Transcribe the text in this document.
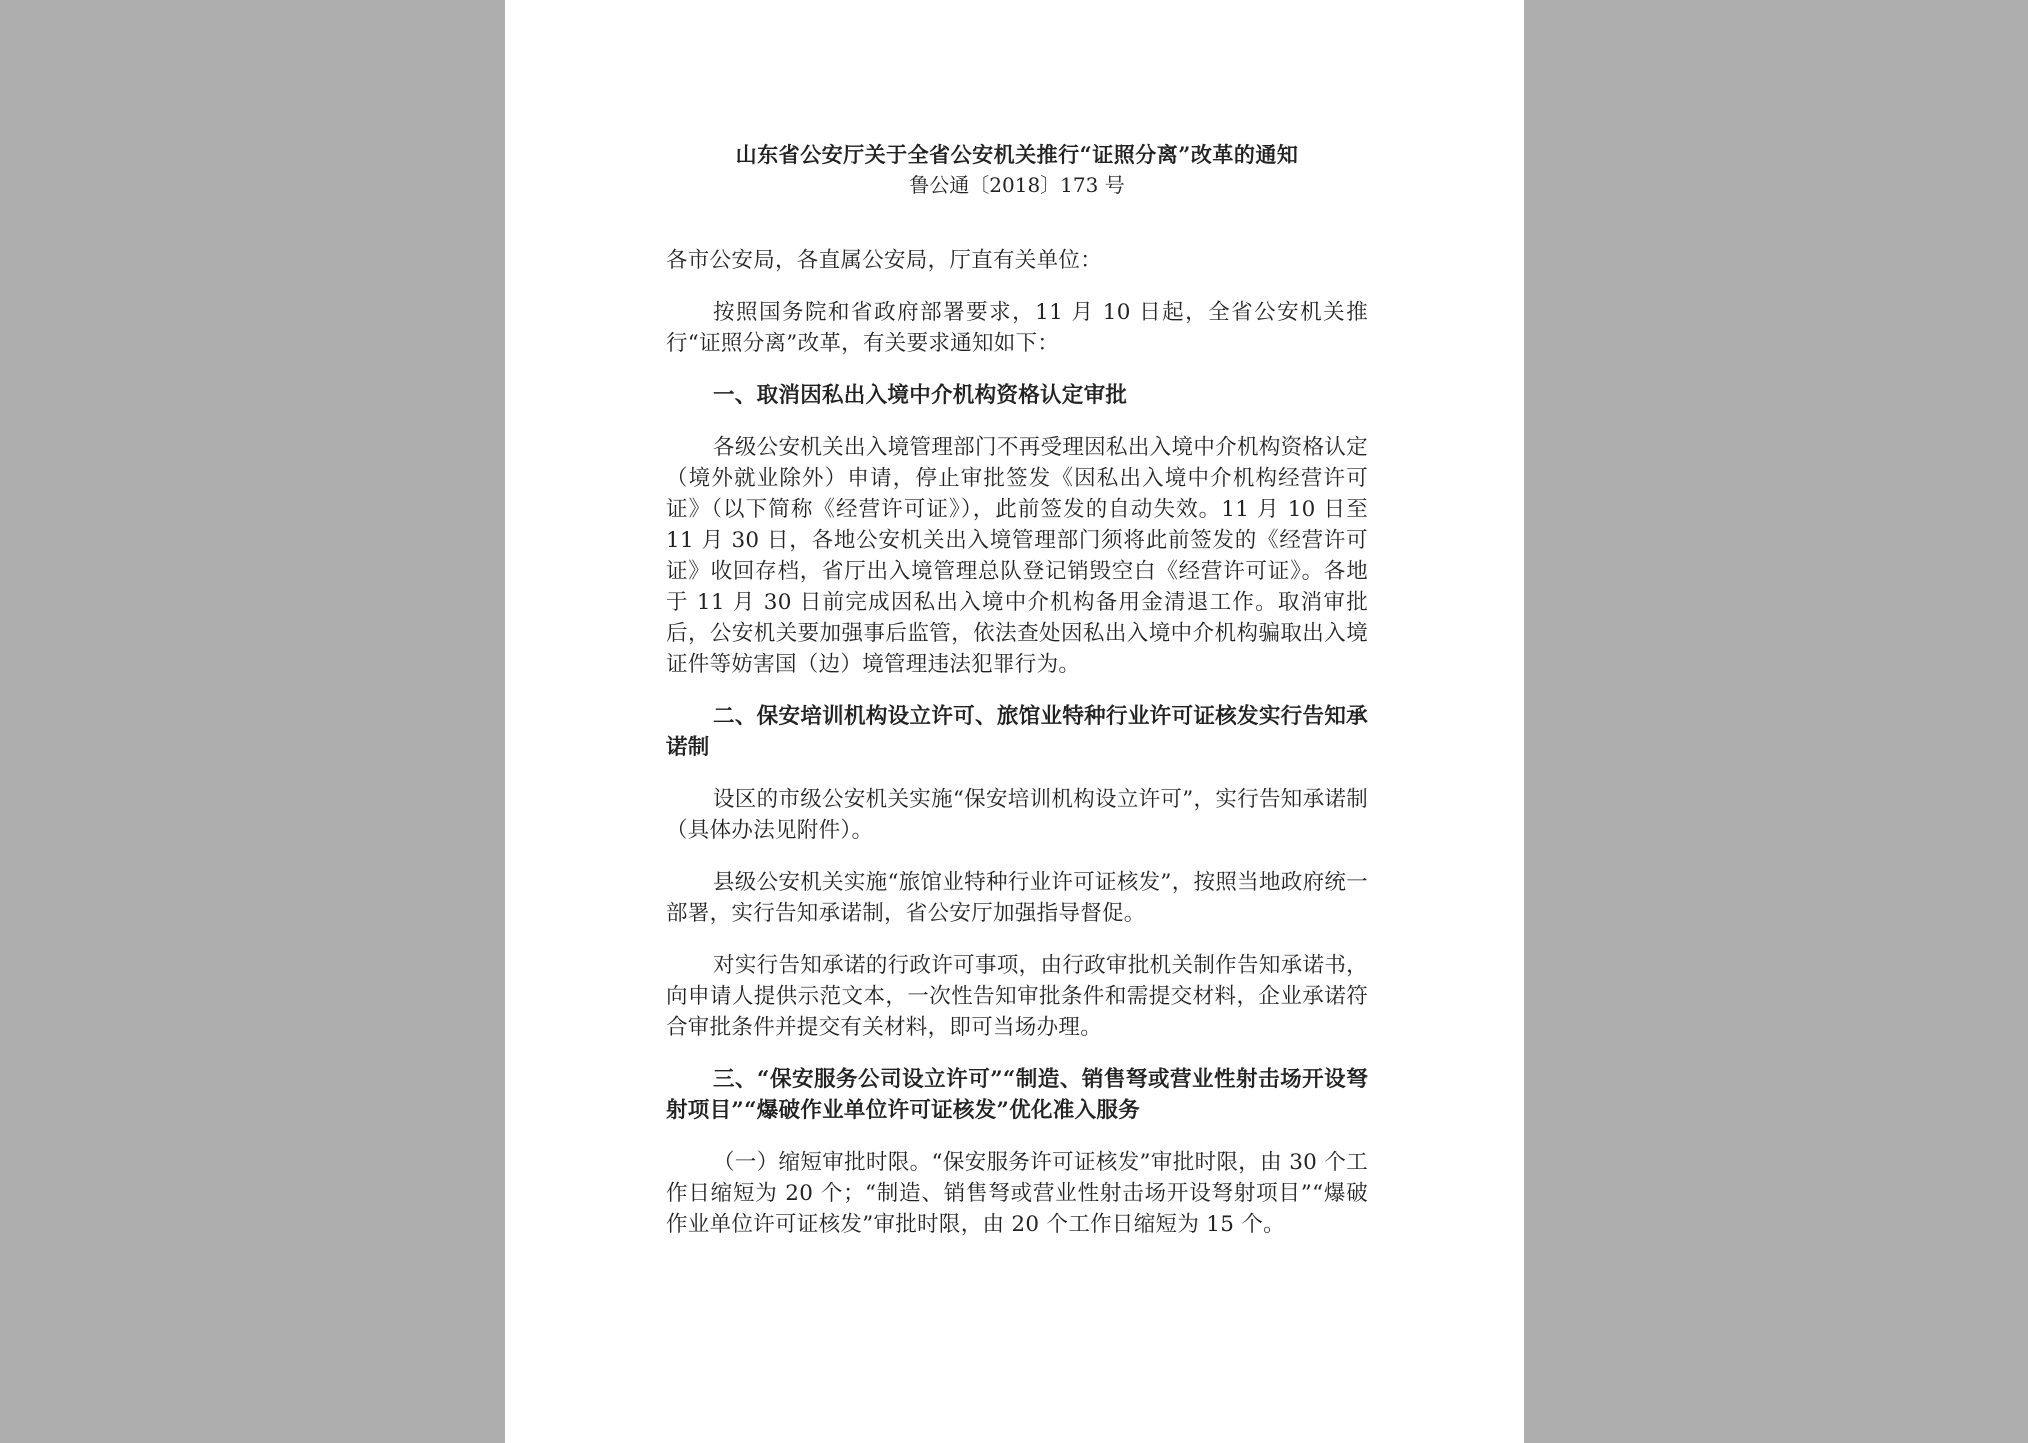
山东省公安厅关于全省公安机关推行“证照分离”改革的通知

鲁公通〔2018〕173 号

各市公安局，各直属公安局，厅直有关单位：

按照国务院和省政府部署要求，11 月 10 日起，全省公安机关推行“证照分离”改革，有关要求通知如下：

一、取消因私出入境中介机构资格认定审批

各级公安机关出入境管理部门不再受理因私出入境中介机构资格认定（境外就业除外）申请，停止审批签发《因私出入境中介机构经营许可证》（以下简称《经营许可证》），此前签发的自动失效。11 月 10 日至 11 月 30 日，各地公安机关出入境管理部门须将此前签发的《经营许可证》收回存档，省厅出入境管理总队登记销毁空白《经营许可证》。各地于 11 月 30 日前完成因私出入境中介机构备用金清退工作。取消审批后，公安机关要加强事后监管，依法查处因私出入境中介机构骗取出入境证件等妨害国（边）境管理违法犯罪行为。

二、保安培训机构设立许可、旅馆业特种行业许可证核发实行告知承诺制

设区的市级公安机关实施“保安培训机构设立许可”，实行告知承诺制（具体办法见附件）。

县级公安机关实施“旅馆业特种行业许可证核发”，按照当地政府统一部署，实行告知承诺制，省公安厅加强指导督促。

对实行告知承诺的行政许可事项，由行政审批机关制作告知承诺书，向申请人提供示范文本，一次性告知审批条件和需提交材料，企业承诺符合审批条件并提交有关材料，即可当场办理。

三、“保安服务公司设立许可”“制造、销售弩或营业性射击场开设弩射项目”“爆破作业单位许可证核发”优化准入服务

（一）缩短审批时限。“保安服务许可证核发”审批时限，由 30 个工作日缩短为 20 个；“制造、销售弩或营业性射击场开设弩射项目”“爆破作业单位许可证核发”审批时限，由 20 个工作日缩短为 15 个。
